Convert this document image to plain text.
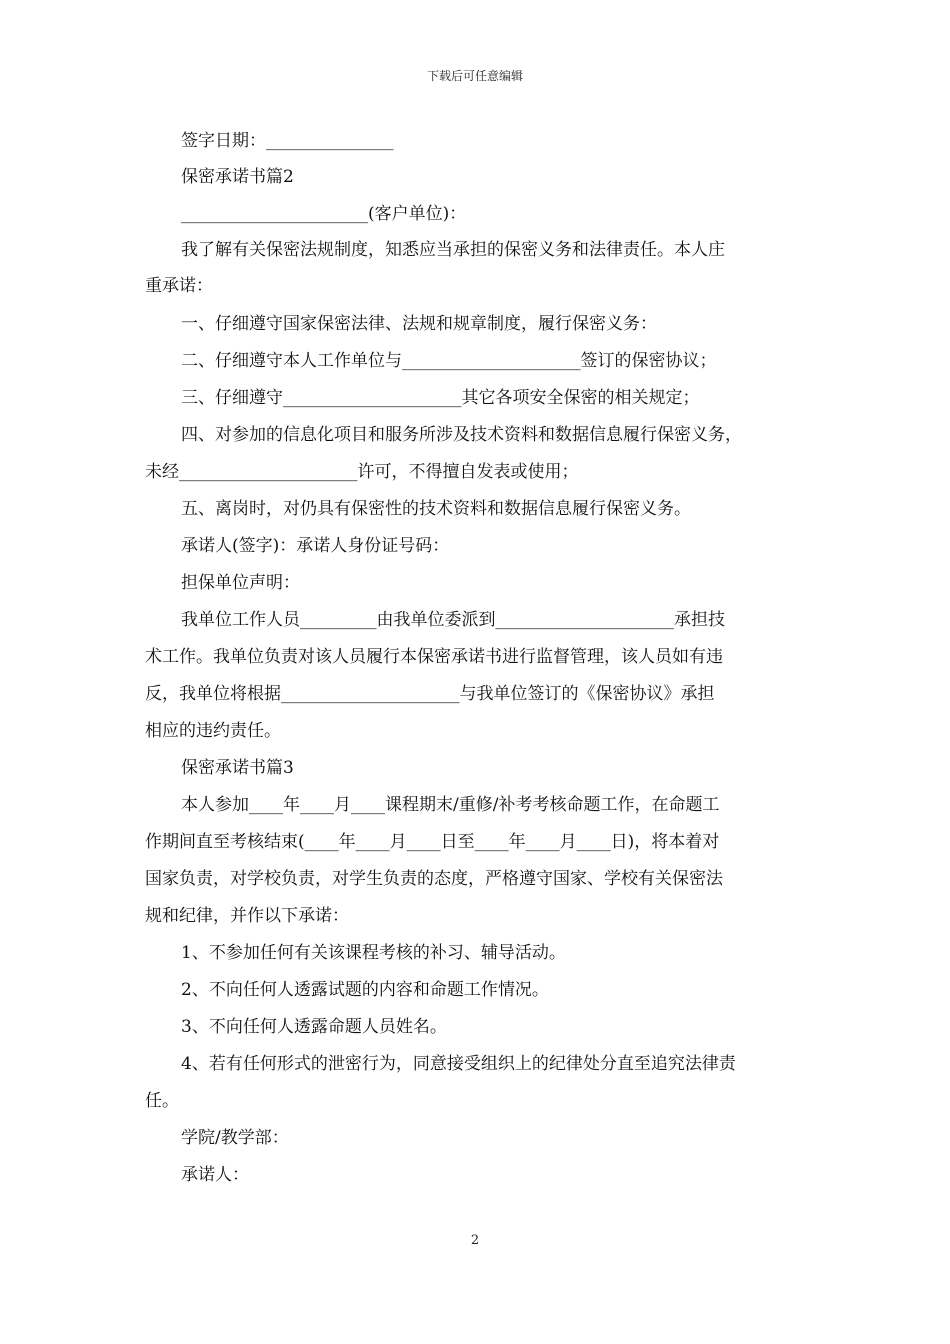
下载后可任意编辑
签字日期：_______________
保密承诺书篇2
______________________(客户单位)：
我了解有关保密法规制度，知悉应当承担的保密义务和法律责任。本人庄
重承诺：
一、仔细遵守国家保密法律、法规和规章制度，履行保密义务：
二、仔细遵守本人工作单位与_____________________签订的保密协议；
三、仔细遵守_____________________其它各项安全保密的相关规定；
四、对参加的信息化项目和服务所涉及技术资料和数据信息履行保密义务，
未经_____________________许可，不得擅自发表或使用；
五、离岗时，对仍具有保密性的技术资料和数据信息履行保密义务。
承诺人(签字)：承诺人身份证号码：
担保单位声明：
我单位工作人员_________由我单位委派到_____________________承担技
术工作。我单位负责对该人员履行本保密承诺书进行监督管理，该人员如有违
反，我单位将根据_____________________与我单位签订的《保密协议》承担
相应的违约责任。
保密承诺书篇3
本人参加____年____月____课程期末/重修/补考考核命题工作，在命题工
作期间直至考核结束(____年____月____日至____年____月____日)，将本着对
国家负责，对学校负责，对学生负责的态度，严格遵守国家、学校有关保密法
规和纪律，并作以下承诺：
1、不参加任何有关该课程考核的补习、辅导活动。
2、不向任何人透露试题的内容和命题工作情况。
3、不向任何人透露命题人员姓名。
4、若有任何形式的泄密行为，同意接受组织上的纪律处分直至追究法律责
任。
学院/教学部：
承诺人：
2
